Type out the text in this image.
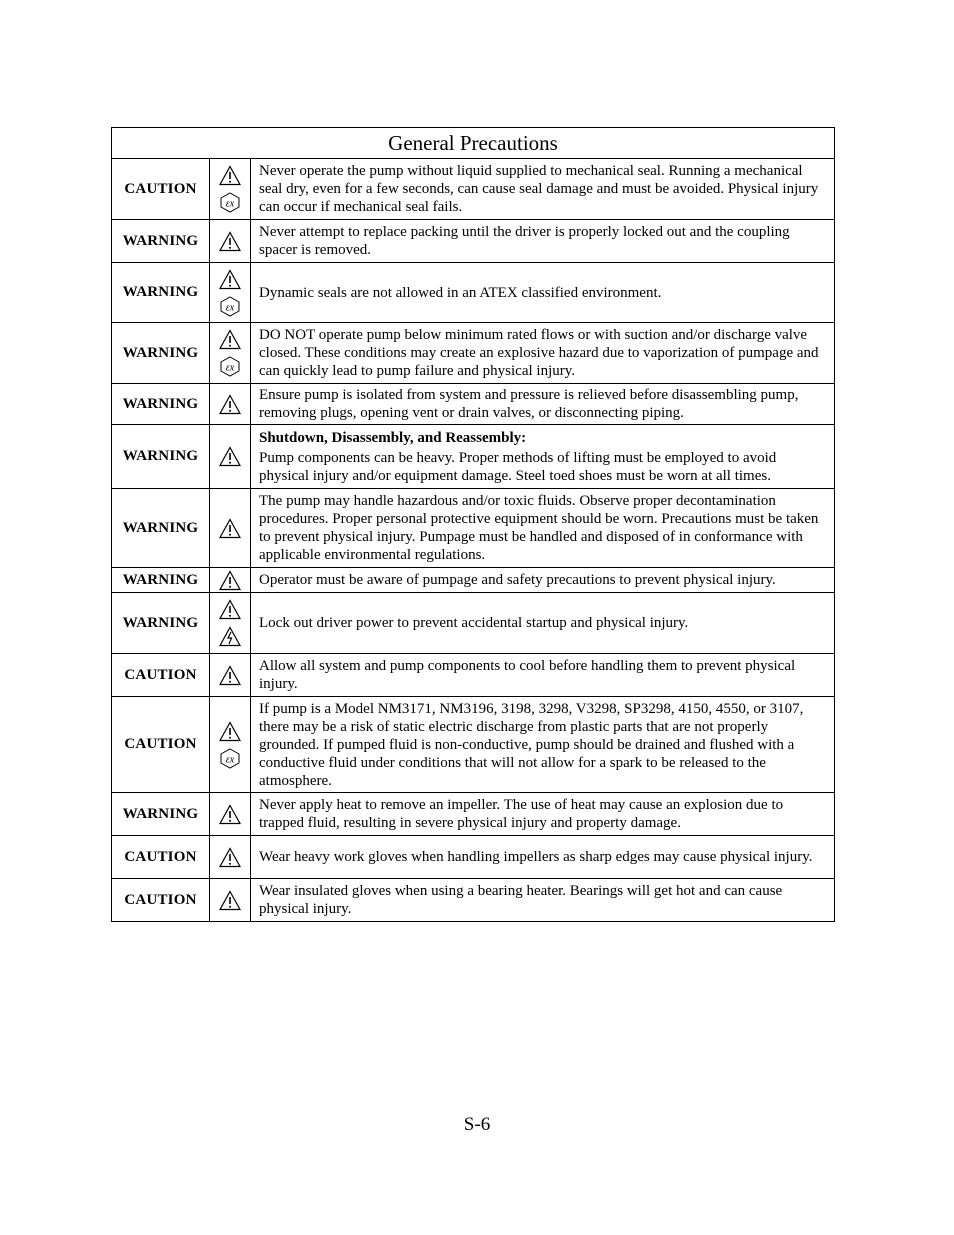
General Precautions		
CAUTION	εx	Never operate the pump without liquid supplied to mechanical seal. Running a mechanical seal dry, even for a few seconds, can cause seal damage and must be avoided. Physical injury can occur if mechanical seal fails.
WARNING		Never attempt to replace packing until the driver is properly locked out and the coupling spacer is removed.
WARNING	εx	Dynamic seals are not allowed in an ATEX classified environment.
WARNING	εx	DO NOT operate pump below minimum rated flows or with suction and/or discharge valve closed. These conditions may create an explosive hazard due to vaporization of pumpage and can quickly lead to pump failure and physical injury.
WARNING		Ensure pump is isolated from system and pressure is relieved before disassembling pump, removing plugs, opening vent or drain valves, or disconnecting piping.
WARNING		Shutdown, Disassembly, and Reassembly:
Pump components can be heavy. Proper methods of lifting must be employed to avoid physical injury and/or equipment damage. Steel toed shoes must be worn at all times.
WARNING		The pump may handle hazardous and/or toxic fluids. Observe proper decontamination procedures. Proper personal protective equipment should be worn. Precautions must be taken to prevent physical injury. Pumpage must be handled and disposed of in conformance with applicable environmental regulations.
WARNING		Operator must be aware of pumpage and safety precautions to prevent physical injury.
WARNING		Lock out driver power to prevent accidental startup and physical injury.
CAUTION		Allow all system and pump components to cool before handling them to prevent physical injury.
CAUTION	εx	If pump is a Model NM3171, NM3196, 3198, 3298, V3298, SP3298, 4150, 4550, or 3107, there may be a risk of static electric discharge from plastic parts that are not properly grounded. If pumped fluid is non-conductive, pump should be drained and flushed with a conductive fluid under conditions that will not allow for a spark to be released to the atmosphere.
WARNING		Never apply heat to remove an impeller. The use of heat may cause an explosion due to trapped fluid, resulting in severe physical injury and property damage.
CAUTION		Wear heavy work gloves when handling impellers as sharp edges may cause physical injury.
CAUTION		Wear insulated gloves when using a bearing heater. Bearings will get hot and can cause physical injury.
S-6
